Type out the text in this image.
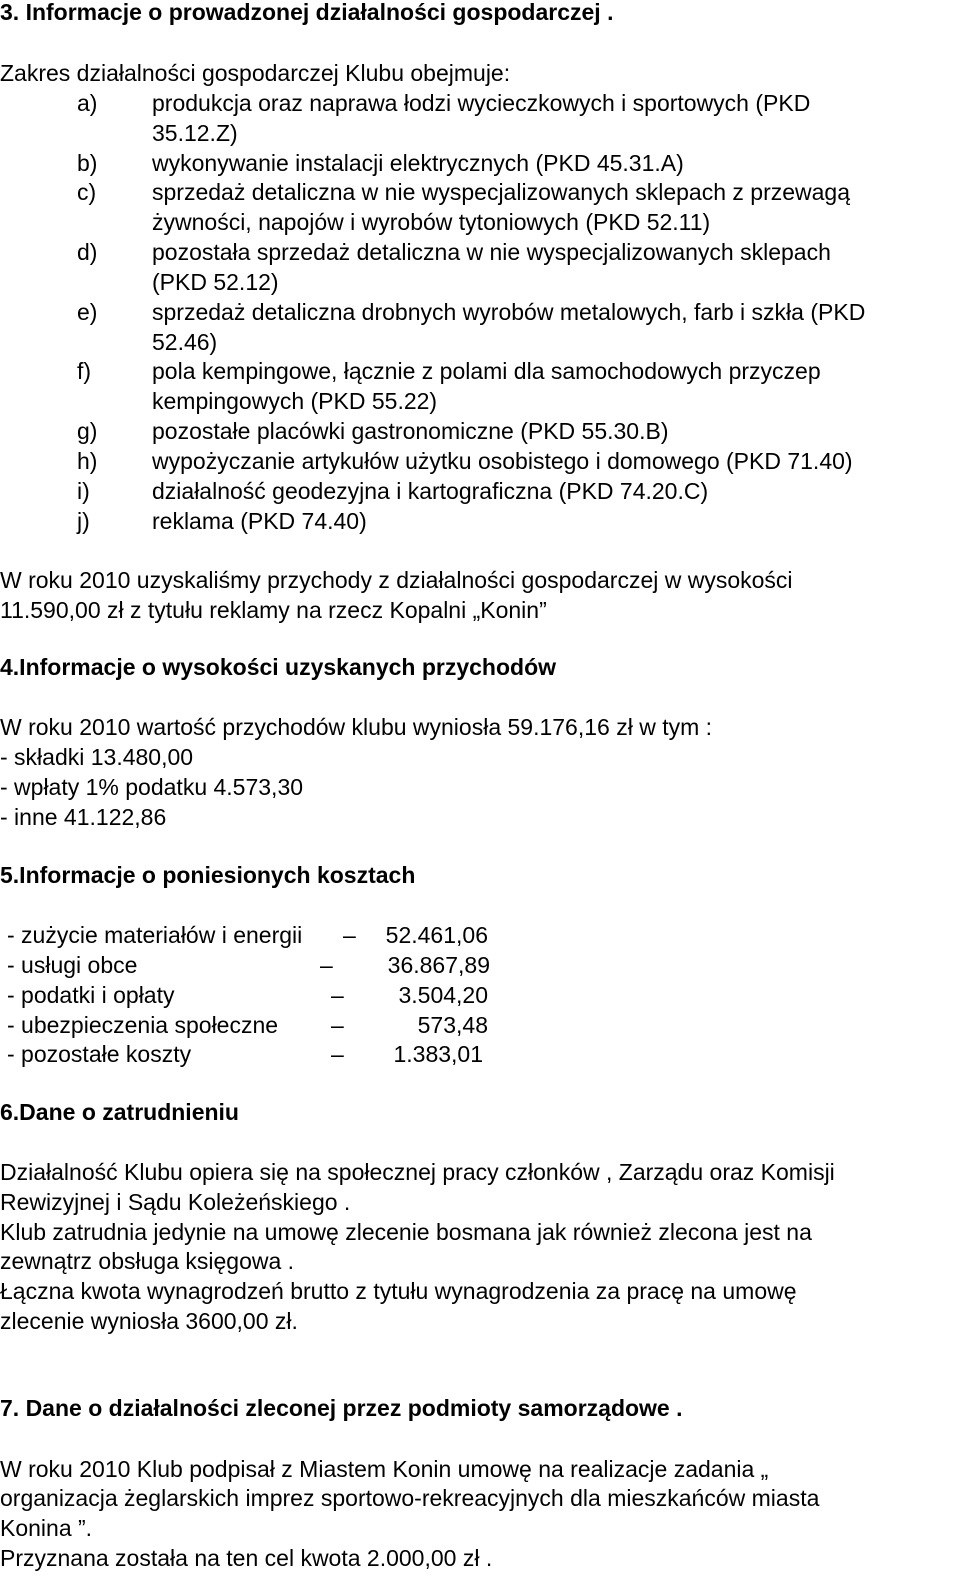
3. Informacje o prowadzonej działalności gospodarczej .
Zakres działalności gospodarczej Klubu obejmuje:
a) produkcja oraz naprawa łodzi wycieczkowych i sportowych (PKD
35.12.Z)
b) wykonywanie instalacji elektrycznych (PKD 45.31.A)
c) sprzedaż detaliczna w nie wyspecjalizowanych sklepach z przewagą
żywności, napojów i wyrobów tytoniowych (PKD 52.11)
d) pozostała sprzedaż detaliczna w nie wyspecjalizowanych sklepach
(PKD 52.12)
e) sprzedaż detaliczna drobnych wyrobów metalowych, farb i szkła (PKD
52.46)
f)	pola kempingowe, łącznie z polami dla samochodowych przyczep
kempingowych (PKD 55.22)
g) pozostałe placówki gastronomiczne (PKD 55.30.B)
h) wypożyczanie artykułów użytku osobistego i domowego (PKD 71.40)
i)	działalność geodezyjna i kartograficzna (PKD 74.20.C)
j)	reklama (PKD 74.40)
W roku 2010 uzyskaliśmy przychody z działalności gospodarczej w wysokości
11.590,00 zł z tytułu reklamy na rzecz Kopalni „Konin”
4.Informacje o wysokości uzyskanych przychodów
W roku 2010 wartość przychodów klubu wyniosła 59.176,16 zł w tym :
- składki 13.480,00
- wpłaty 1% podatku 4.573,30
- inne 41.122,86
5.Informacje o poniesionych kosztach
- zużycie materiałów i energii –	52.461,06
- usługi obce	–	36.867,89
- podatki i opłaty	–	3.504,20
- ubezpieczenia społeczne –	573,48
- pozostałe koszty	–	1.383,01
6.Dane o zatrudnieniu
Działalność Klubu opiera się na społecznej pracy członków , Zarządu oraz Komisji
Rewizyjnej i Sądu Koleżeńskiego .
Klub zatrudnia jedynie na umowę zlecenie bosmana jak również zlecona jest na
zewnątrz obsługa księgowa .
Łączna kwota wynagrodzeń brutto z tytułu wynagrodzenia za pracę na umowę
zlecenie wyniosła 3600,00 zł.
7. Dane o działalności zleconej przez podmioty samorządowe .
W roku 2010 Klub podpisał z Miastem Konin umowę na realizacje zadania „
organizacja żeglarskich imprez sportowo-rekreacyjnych dla mieszkańców miasta
Konina ”.
Przyznana została na ten cel kwota 2.000,00 zł .
